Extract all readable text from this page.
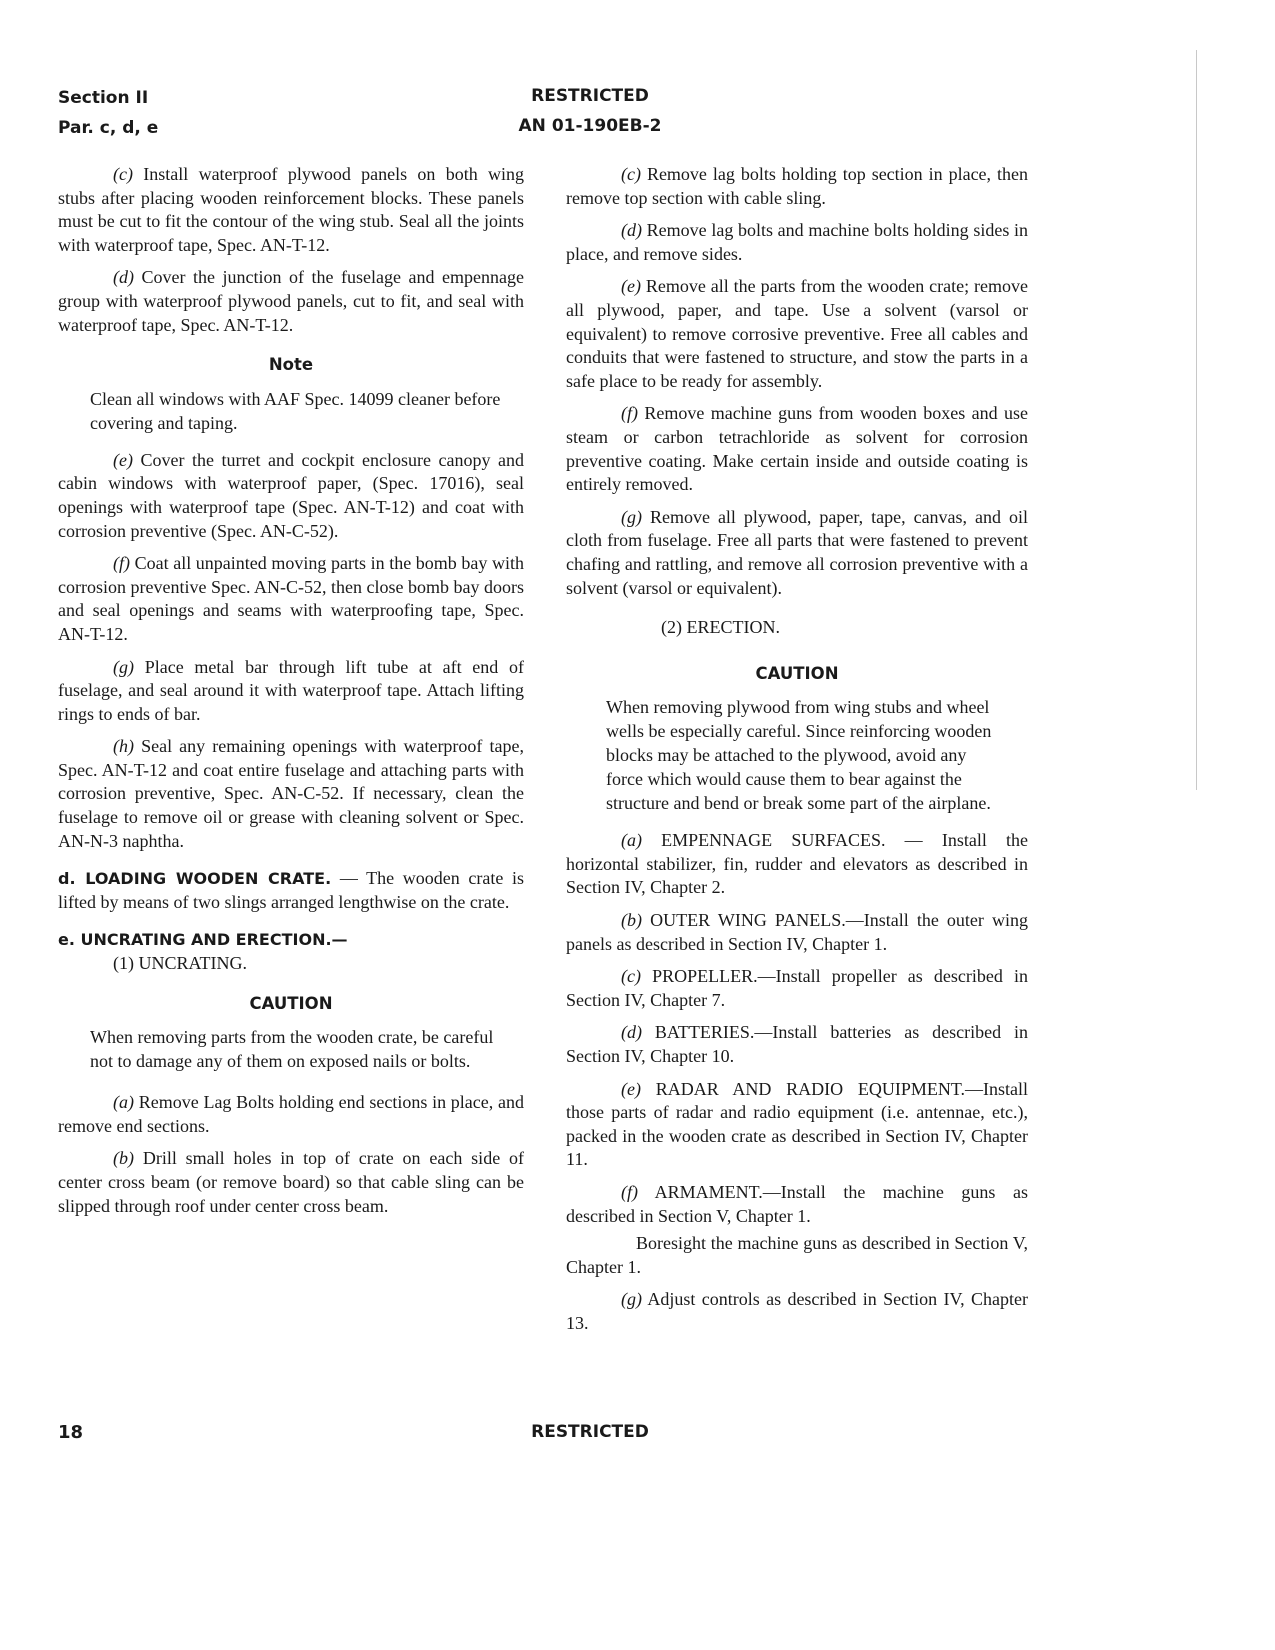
Section II
Par. c, d, e
RESTRICTED
AN 01-190EB-2

(c) Install waterproof plywood panels on both wing stubs after placing wooden reinforcement blocks. These panels must be cut to fit the contour of the wing stub. Seal all the joints with waterproof tape, Spec. AN-T-12.

(d) Cover the junction of the fuselage and empennage group with waterproof plywood panels, cut to fit, and seal with waterproof tape, Spec. AN-T-12.

Note
Clean all windows with AAF Spec. 14099 cleaner before covering and taping.

(e) Cover the turret and cockpit enclosure canopy and cabin windows with waterproof paper, (Spec. 17016), seal openings with waterproof tape (Spec. AN-T-12) and coat with corrosion preventive (Spec. AN-C-52).

(f) Coat all unpainted moving parts in the bomb bay with corrosion preventive Spec. AN-C-52, then close bomb bay doors and seal openings and seams with waterproofing tape, Spec. AN-T-12.

(g) Place metal bar through lift tube at aft end of fuselage, and seal around it with waterproof tape. Attach lifting rings to ends of bar.

(h) Seal any remaining openings with waterproof tape, Spec. AN-T-12 and coat entire fuselage and attaching parts with corrosion preventive, Spec. AN-C-52. If necessary, clean the fuselage to remove oil or grease with cleaning solvent or Spec. AN-N-3 naphtha.

d. LOADING WOODEN CRATE. — The wooden crate is lifted by means of two slings arranged lengthwise on the crate.

e. UNCRATING AND ERECTION.—

(1) UNCRATING.

CAUTION
When removing parts from the wooden crate, be careful not to damage any of them on exposed nails or bolts.

(a) Remove Lag Bolts holding end sections in place, and remove end sections.

(b) Drill small holes in top of crate on each side of center cross beam (or remove board) so that cable sling can be slipped through roof under center cross beam.

(c) Remove lag bolts holding top section in place, then remove top section with cable sling.

(d) Remove lag bolts and machine bolts holding sides in place, and remove sides.

(e) Remove all the parts from the wooden crate; remove all plywood, paper, and tape. Use a solvent (varsol or equivalent) to remove corrosive preventive. Free all cables and conduits that were fastened to structure, and stow the parts in a safe place to be ready for assembly.

(f) Remove machine guns from wooden boxes and use steam or carbon tetrachloride as solvent for corrosion preventive coating. Make certain inside and outside coating is entirely removed.

(g) Remove all plywood, paper, tape, canvas, and oil cloth from fuselage. Free all parts that were fastened to prevent chafing and rattling, and remove all corrosion preventive with a solvent (varsol or equivalent).

(2) ERECTION.

CAUTION
When removing plywood from wing stubs and wheel wells be especially careful. Since reinforcing wooden blocks may be attached to the plywood, avoid any force which would cause them to bear against the structure and bend or break some part of the airplane.

(a) EMPENNAGE SURFACES. — Install the horizontal stabilizer, fin, rudder and elevators as described in Section IV, Chapter 2.

(b) OUTER WING PANELS.—Install the outer wing panels as described in Section IV, Chapter 1.

(c) PROPELLER.—Install propeller as described in Section IV, Chapter 7.

(d) BATTERIES.—Install batteries as described in Section IV, Chapter 10.

(e) RADAR AND RADIO EQUIPMENT.—Install those parts of radar and radio equipment (i.e. antennae, etc.), packed in the wooden crate as described in Section IV, Chapter 11.

(f) ARMAMENT.—Install the machine guns as described in Section V, Chapter 1.

Boresight the machine guns as described in Section V, Chapter 1.

(g) Adjust controls as described in Section IV, Chapter 13.

18	RESTRICTED
